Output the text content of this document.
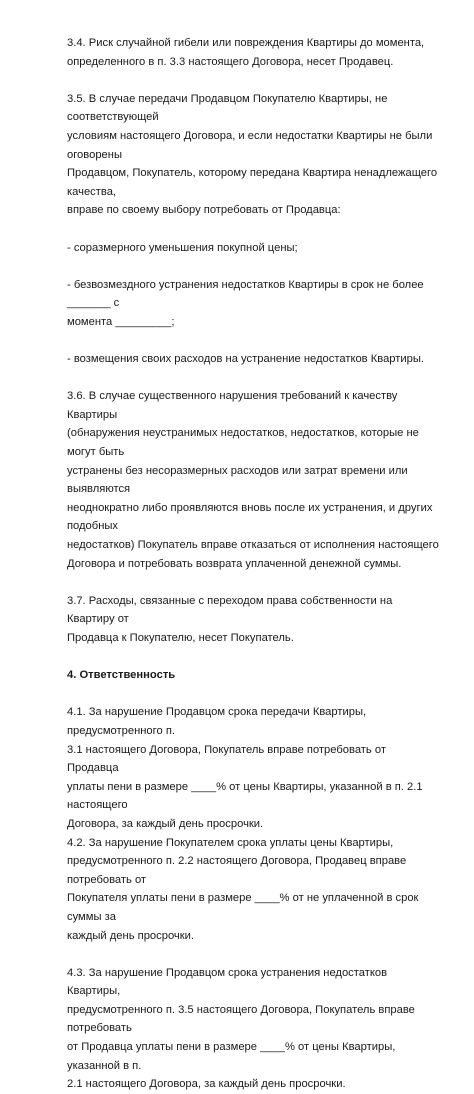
3.4. Риск случайной гибели или повреждения Квартиры до момента,

определенного в п. 3.3 настоящего Договора, несет Продавец.

3.5. В случае передачи Продавцом Покупателю Квартиры, не соответствующей

условиям настоящего Договора, и если недостатки Квартиры не были оговорены

Продавцом, Покупатель, которому передана Квартира ненадлежащего качества,

вправе по своему выбору потребовать от Продавца:

- соразмерного уменьшения покупной цены;

- безвозмездного устранения недостатков Квартиры в срок не более _______ с

момента _________;

- возмещения своих расходов на устранение недостатков Квартиры.

3.6. В случае существенного нарушения требований к качеству Квартиры

(обнаружения неустранимых недостатков, недостатков, которые не могут быть

устранены без несоразмерных расходов или затрат времени или выявляются

неоднократно либо проявляются вновь после их устранения, и других подобных

недостатков) Покупатель вправе отказаться от исполнения настоящего

Договора и потребовать возврата уплаченной денежной суммы.

3.7. Расходы, связанные с переходом права собственности на Квартиру от

Продавца к Покупателю, несет Покупатель.

4. Ответственность

4.1. За нарушение Продавцом срока передачи Квартиры, предусмотренного п.

3.1 настоящего Договора, Покупатель вправе потребовать от Продавца

уплаты пени в размере ____% от цены Квартиры, указанной в п. 2.1 настоящего

Договора, за каждый день просрочки.

4.2. За нарушение Покупателем срока уплаты цены Квартиры,

предусмотренного п. 2.2 настоящего Договора, Продавец вправе потребовать от

Покупателя уплаты пени в размере ____% от не уплаченной в срок суммы за

каждый день просрочки.

4.3. За нарушение Продавцом срока устранения недостатков Квартиры,

предусмотренного п. 3.5 настоящего Договора, Покупатель вправе потребовать

от Продавца уплаты пени в размере ____% от цены Квартиры, указанной в п.

2.1 настоящего Договора, за каждый день просрочки.
